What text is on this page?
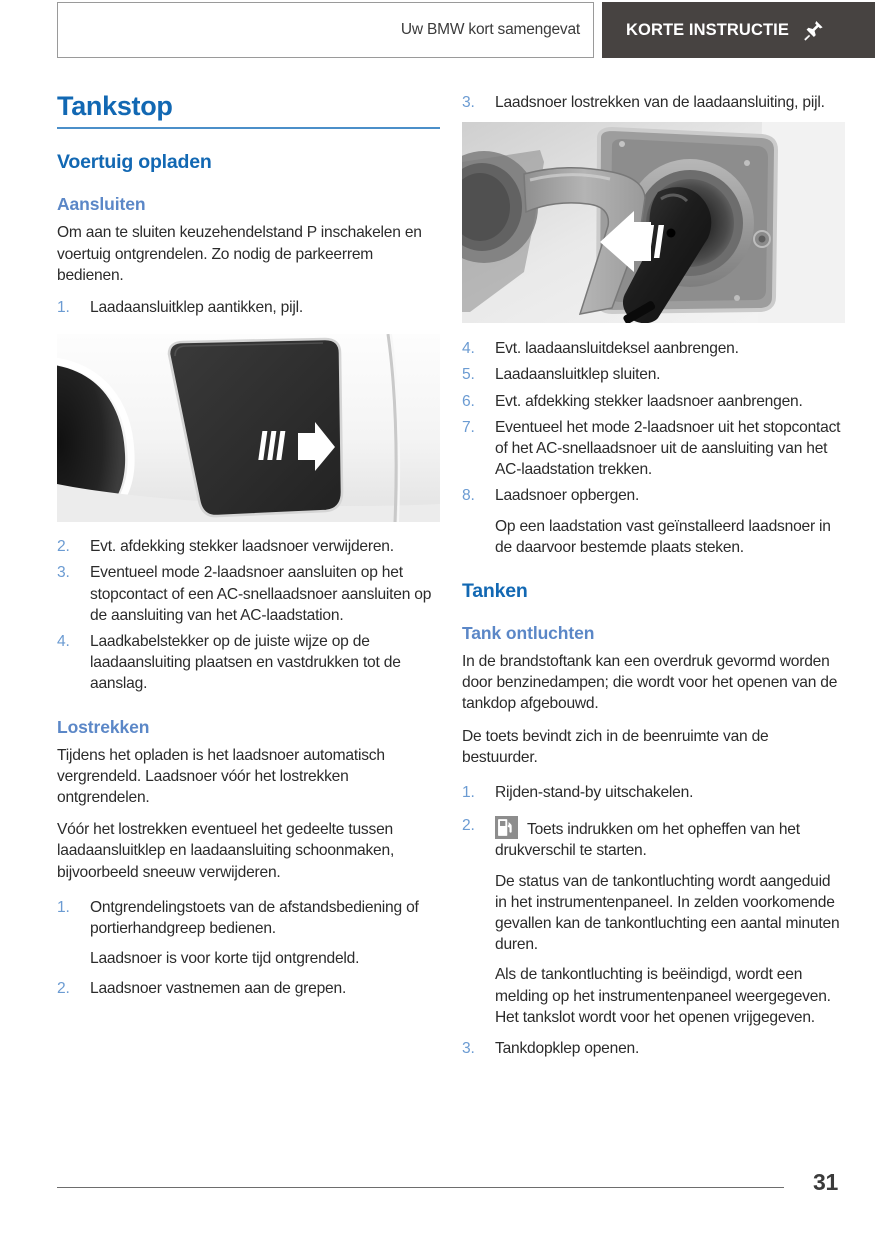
Uw BMW kort samengevat	KORTE INSTRUCTIE
Tankstop
Voertuig opladen
Aansluiten

Om aan te sluiten keuzehendelstand P inschakelen en voertuig ontgrendelen. Zo nodig de parkeerrem bedienen.

1. Laadaansluitklep aantikken, pijl.
2. Evt. afdekking stekker laadsnoer verwijderen.
3. Eventueel mode 2-laadsnoer aansluiten op het stopcontact of een AC-snellaadsnoer aansluiten op de aansluiting van het AC-laadstation.
4. Laadkabelstekker op de juiste wijze op de laadaansluiting plaatsen en vastdrukken tot de aanslag.
Lostrekken

Tijdens het opladen is het laadsnoer automatisch vergrendeld. Laadsnoer vóór het lostrekken ontgrendelen.

Vóór het lostrekken eventueel het gedeelte tussen laadaansluitklep en laadaansluiting schoonmaken, bijvoorbeeld sneeuw verwijderen.

1. Ontgrendelingstoets van de afstandsbediening of portierhandgreep bedienen.
Laadsnoer is voor korte tijd ontgrendeld.
2. Laadsnoer vastnemen aan de grepen.
3. Laadsnoer lostrekken van de laadaansluiting, pijl.
4. Evt. laadaansluitdeksel aanbrengen.
5. Laadaansluitklep sluiten.
6. Evt. afdekking stekker laadsnoer aanbrengen.
7. Eventueel het mode 2-laadsnoer uit het stopcontact of het AC-snellaadsnoer uit de aansluiting van het AC-laadstation trekken.
8. Laadsnoer opbergen.
Op een laadstation vast geïnstalleerd laadsnoer in de daarvoor bestemde plaats steken.
Tanken
Tank ontluchten

In de brandstoftank kan een overdruk gevormd worden door benzinedampen; die wordt voor het openen van de tankdop afgebouwd.

De toets bevindt zich in de beenruimte van de bestuurder.

1. Rijden-stand-by uitschakelen.
2.	Toets indrukken om het opheffen van het drukverschil te starten.
De status van de tankontluchting wordt aangeduid in het instrumentenpaneel. In zelden voorkomende gevallen kan de tankontluchting een aantal minuten duren.
Als de tankontluchting is beëindigd, wordt een melding op het instrumentenpaneel weergegeven. Het tankslot wordt voor het openen vrijgegeven.
3. Tankdopklep openen.
31
